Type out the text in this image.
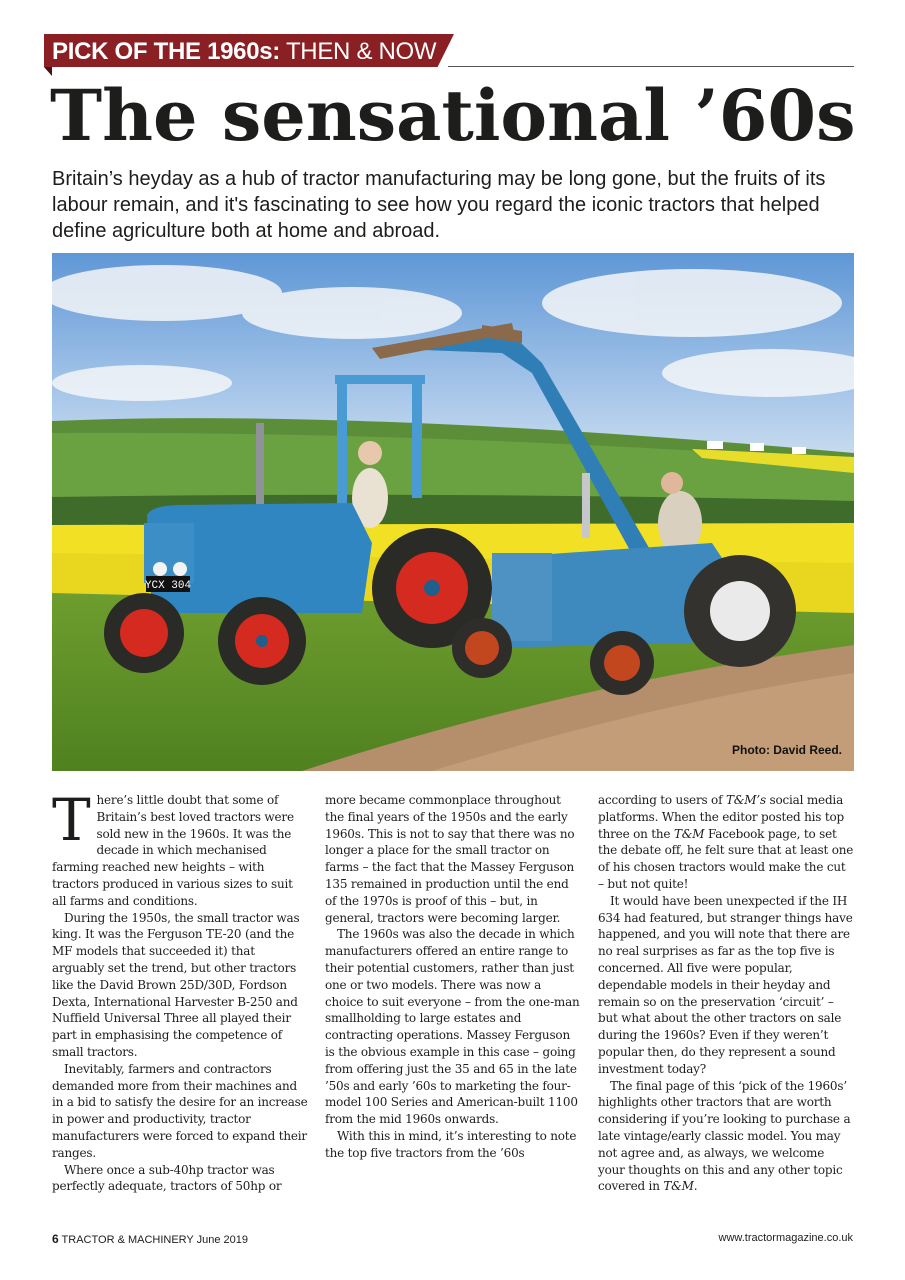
PICK OF THE 1960s: THEN & NOW
The sensational ’60s

Britain’s heyday as a hub of tractor manufacturing may be long gone, but the fruits of its labour remain, and it's fascinating to see how you regard the iconic tractors that helped define agriculture both at home and abroad.

YCX 304
Photo: David Reed.

There’s little doubt that some of Britain’s best loved tractors were sold new in the 1960s. It was the decade in which mechanised farming reached new heights – with tractors produced in various sizes to suit all farms and conditions.

During the 1950s, the small tractor was king. It was the Ferguson TE-20 (and the MF models that succeeded it) that arguably set the trend, but other tractors like the David Brown 25D/30D, Fordson Dexta, International Harvester B-250 and Nuffield Universal Three all played their part in emphasising the competence of small tractors.

Inevitably, farmers and contractors demanded more from their machines and in a bid to satisfy the desire for an increase in power and productivity, tractor manufacturers were forced to expand their ranges.

Where once a sub-40hp tractor was perfectly adequate, tractors of 50hp or

more became commonplace throughout the final years of the 1950s and the early 1960s. This is not to say that there was no longer a place for the small tractor on farms – the fact that the Massey Ferguson 135 remained in production until the end of the 1970s is proof of this – but, in general, tractors were becoming larger.

The 1960s was also the decade in which manufacturers offered an entire range to their potential customers, rather than just one or two models. There was now a choice to suit everyone – from the one-man smallholding to large estates and contracting operations. Massey Ferguson is the obvious example in this case – going from offering just the 35 and 65 in the late ’50s and early ’60s to marketing the four-model 100 Series and American-built 1100 from the mid 1960s onwards.

With this in mind, it’s interesting to note the top five tractors from the ’60s

according to users of T&M’s social media platforms. When the editor posted his top three on the T&M Facebook page, to set the debate off, he felt sure that at least one of his chosen tractors would make the cut – but not quite!

It would have been unexpected if the IH 634 had featured, but stranger things have happened, and you will note that there are no real surprises as far as the top five is concerned. All five were popular, dependable models in their heyday and remain so on the preservation ‘circuit’ – but what about the other tractors on sale during the 1960s? Even if they weren’t popular then, do they represent a sound investment today?

The final page of this ‘pick of the 1960s’ highlights other tractors that are worth considering if you’re looking to purchase a late vintage/early classic model. You may not agree and, as always, we welcome your thoughts on this and any other topic covered in T&M.

6 TRACTOR & MACHINERY June 2019	www.tractormagazine.co.uk
